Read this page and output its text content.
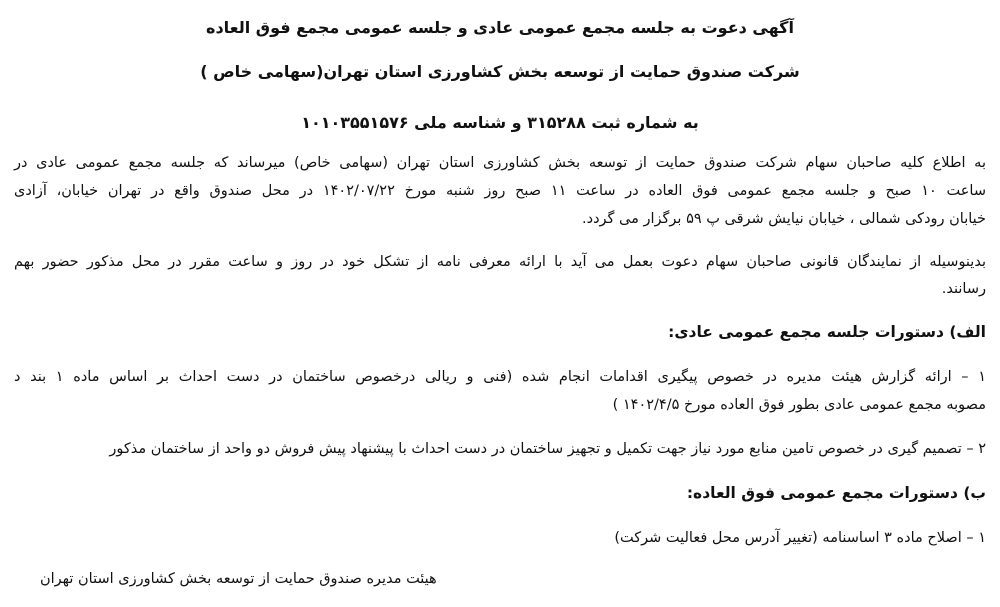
آگهی دعوت به جلسه مجمع عمومی عادی و جلسه عمومی مجمع فوق العاده
شرکت صندوق حمایت از توسعه بخش کشاورزی استان تهران(سهامی خاص )
به شماره ثبت ۳۱۵۲۸۸ و شناسه ملی ۱۰۱۰۳۵۵۱۵۷۶
به اطلاع کلیه صاحبان سهام شرکت صندوق حمایت از توسعه بخش کشاورزی استان تهران (سهامی خاص) میرساند که جلسه مجمع عمومی عادی در
ساعت ۱۰ صبح و جلسه مجمع عمومی فوق العاده در ساعت ۱۱ صبح روز شنبه مورخ ۱۴۰۲/۰۷/۲۲ در محل صندوق واقع در تهران خیابان، آزادی
خیابان رودکی شمالی ، خیابان نیایش شرقی پ ۵۹ برگزار می گردد.
بدینوسیله از نمایندگان قانونی صاحبان سهام دعوت بعمل می آید با ارائه معرفی نامه از تشکل خود در روز و ساعت مقرر در محل مذکور حضور بهم
رسانند.
الف) دستورات جلسه مجمع عمومی عادی:
۱ – ارائه گزارش هیئت مدیره در خصوص پیگیری اقدامات انجام شده (فنی و ریالی درخصوص ساختمان در دست احداث بر اساس ماده ۱ بند د
مصوبه مجمع عمومی عادی بطور فوق العاده مورخ ۱۴۰۲/۴/۵ )
۲ – تصمیم گیری در خصوص تامین منابع مورد نیاز جهت تکمیل و تجهیز ساختمان در دست احداث با پیشنهاد پیش فروش دو واحد از ساختمان مذکور
ب) دستورات مجمع عمومی فوق العاده:
۱ – اصلاح ماده ۳ اساسنامه (تغییر آدرس محل فعالیت شرکت)
هیئت مدیره صندوق حمایت از توسعه بخش کشاورزی استان تهران
